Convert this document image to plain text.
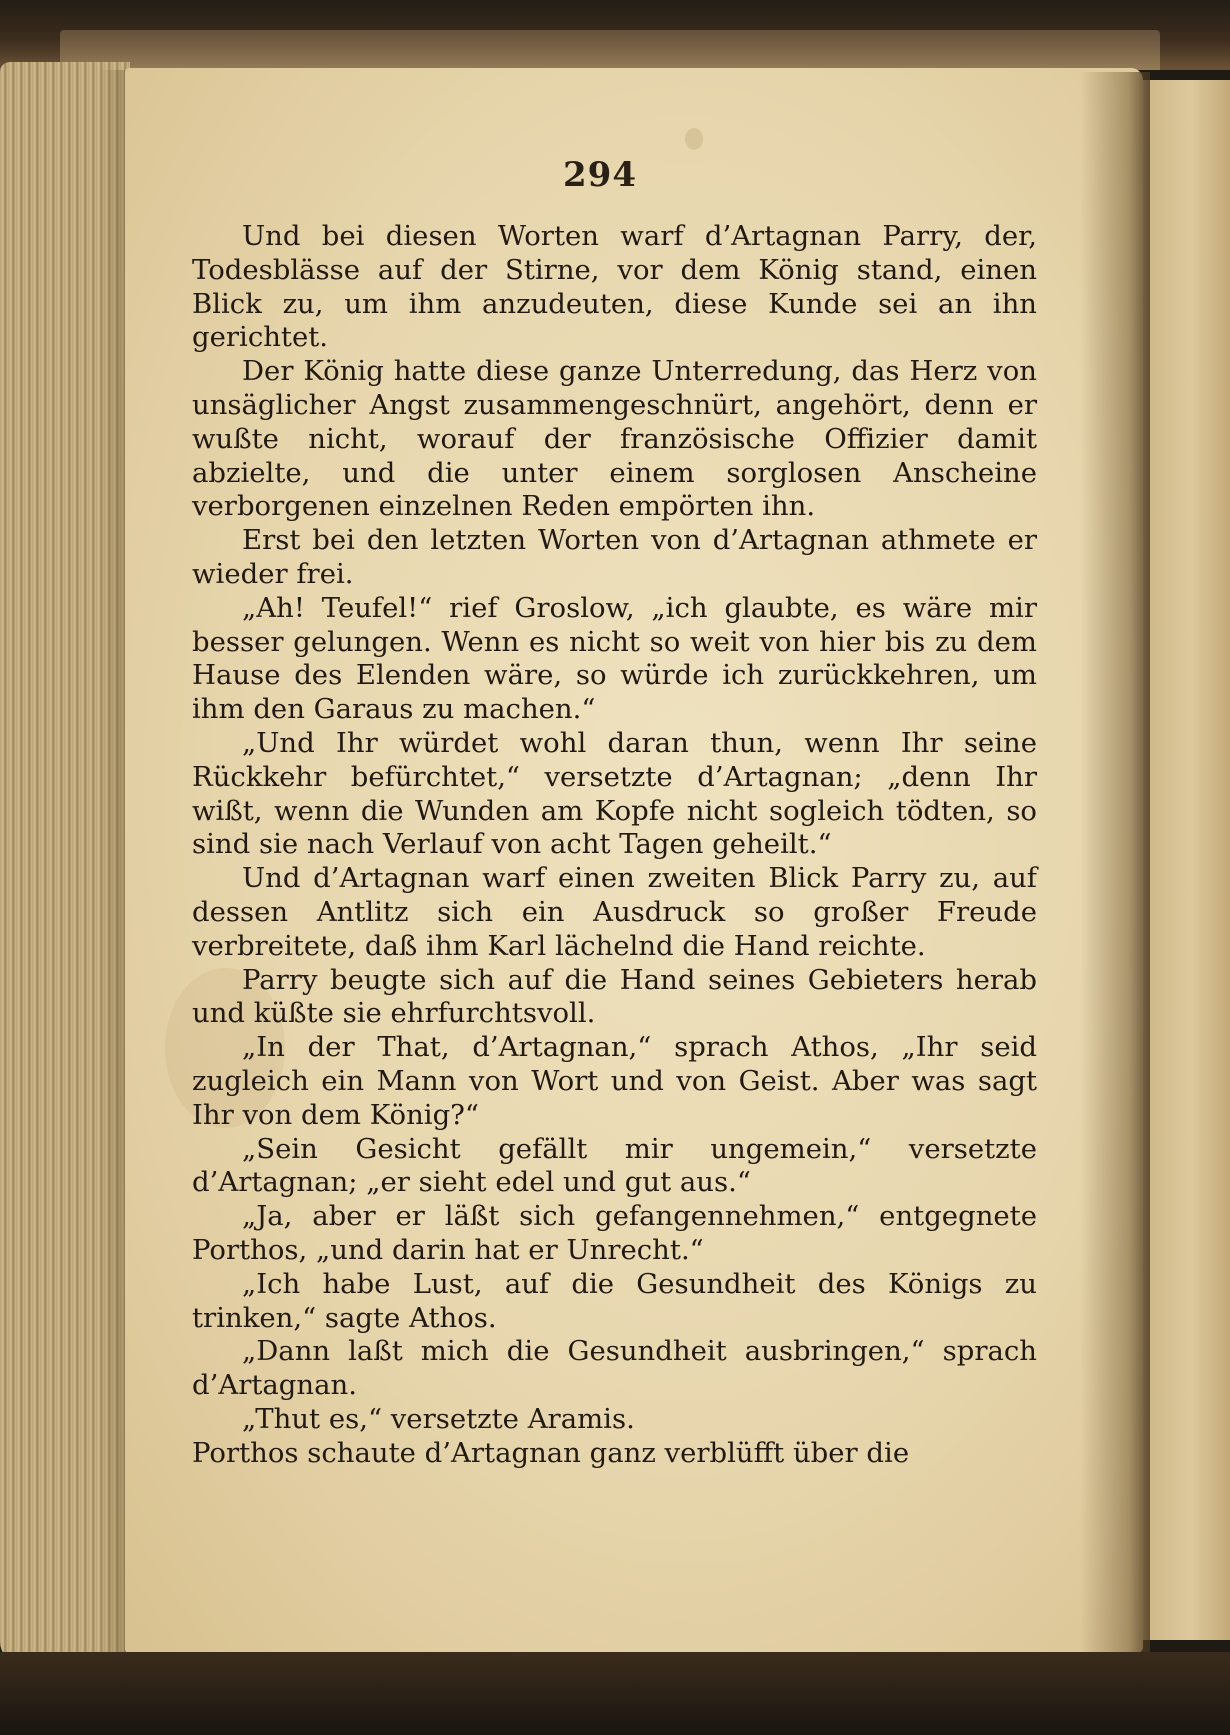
294

Und bei diesen Worten warf d’Artagnan Parry, der, Todesblässe auf der Stirne, vor dem König stand, einen Blick zu, um ihm anzudeuten, diese Kunde sei an ihn gerichtet.

Der König hatte diese ganze Unterredung, das Herz von unsäglicher Angst zusammengeschnürt, angehört, denn er wußte nicht, worauf der französische Offizier damit abzielte, und die unter einem sorglosen Anscheine verborgenen einzelnen Reden empörten ihn.

Erst bei den letzten Worten von d’Artagnan athmete er wieder frei.

„Ah! Teufel!“ rief Groslow, „ich glaubte, es wäre mir besser gelungen. Wenn es nicht so weit von hier bis zu dem Hause des Elenden wäre, so würde ich zurückkehren, um ihm den Garaus zu machen.“

„Und Ihr würdet wohl daran thun, wenn Ihr seine Rückkehr befürchtet,“ versetzte d’Artagnan; „denn Ihr wißt, wenn die Wunden am Kopfe nicht sogleich tödten, so sind sie nach Verlauf von acht Tagen geheilt.“

Und d’Artagnan warf einen zweiten Blick Parry zu, auf dessen Antlitz sich ein Ausdruck so großer Freude verbreitete, daß ihm Karl lächelnd die Hand reichte.

Parry beugte sich auf die Hand seines Gebieters herab und küßte sie ehrfurchtsvoll.

„In der That, d’Artagnan,“ sprach Athos, „Ihr seid zugleich ein Mann von Wort und von Geist. Aber was sagt Ihr von dem König?“

„Sein Gesicht gefällt mir ungemein,“ versetzte d’Artagnan; „er sieht edel und gut aus.“

„Ja, aber er läßt sich gefangennehmen,“ entgegnete Porthos, „und darin hat er Unrecht.“

„Ich habe Lust, auf die Gesundheit des Königs zu trinken,“ sagte Athos.

„Dann laßt mich die Gesundheit ausbringen,“ sprach d’Artagnan.

„Thut es,“ versetzte Aramis.

Porthos schaute d’Artagnan ganz verblüfft über die
